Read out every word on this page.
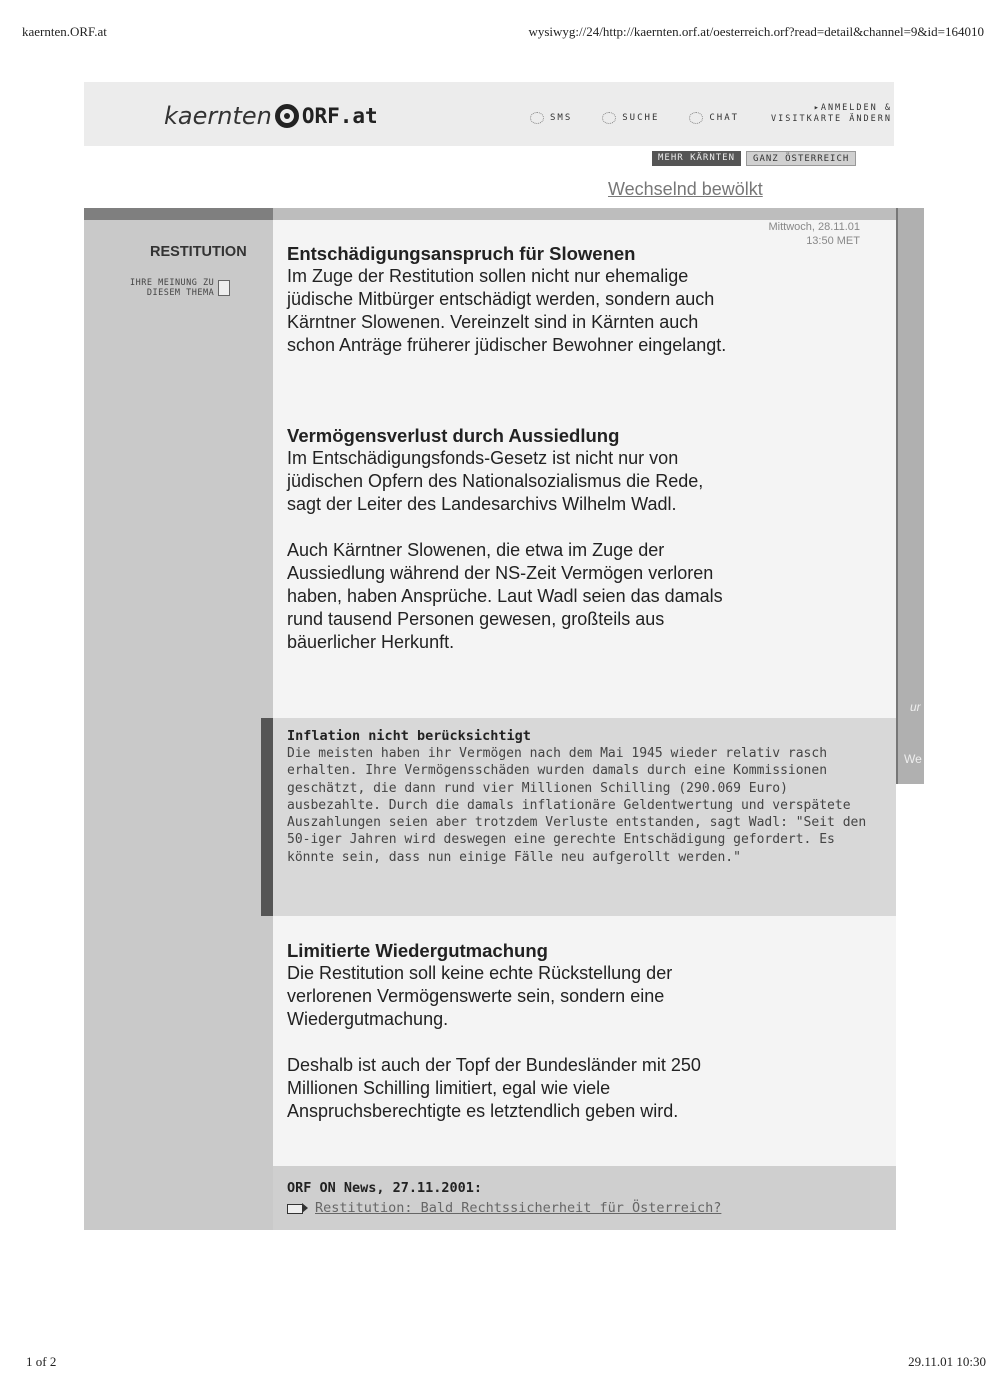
kaernten.ORF.at	wysiwyg://24/http://kaernten.orf.at/oesterreich.orf?read=detail&channel=9&id=164010
kaernten ORF.at	SMS	SUCHE	CHAT
▸ANMELDEN &
VISITKARTE ÄNDERN
MEHR KÄRNTEN	GANZ ÖSTERREICH
Wechselnd bewölkt
RESTITUTION
IHRE MEINUNG ZU
DIESEM THEMA
ur
We
Mittwoch, 28.11.01
13:50 MET
Entschädigungsanspruch für Slowenen
Im Zuge der Restitution sollen nicht nur ehemalige jüdische Mitbürger entschädigt werden, sondern auch Kärntner Slowenen. Vereinzelt sind in Kärnten auch schon Anträge früherer jüdischer Bewohner eingelangt.
Vermögensverlust durch Aussiedlung
Im Entschädigungsfonds-Gesetz ist nicht nur von jüdischen Opfern des Nationalsozialismus die Rede, sagt der Leiter des Landesarchivs Wilhelm Wadl.
Auch Kärntner Slowenen, die etwa im Zuge der Aussiedlung während der NS-Zeit Vermögen verloren haben, haben Ansprüche. Laut Wadl seien das damals rund tausend Personen gewesen, großteils aus bäuerlicher Herkunft.
Inflation nicht berücksichtigt
Die meisten haben ihr Vermögen nach dem Mai 1945 wieder relativ rasch erhalten. Ihre Vermögensschäden wurden damals durch eine Kommissionen geschätzt, die dann rund vier Millionen Schilling (290.069 Euro) ausbezahlte. Durch die damals inflationäre Geldentwertung und verspätete Auszahlungen seien aber trotzdem Verluste entstanden, sagt Wadl: "Seit den 50-iger Jahren wird deswegen eine gerechte Entschädigung gefordert. Es könnte sein, dass nun einige Fälle neu aufgerollt werden."
Limitierte Wiedergutmachung
Die Restitution soll keine echte Rückstellung der verlorenen Vermögenswerte sein, sondern eine Wiedergutmachung.
Deshalb ist auch der Topf der Bundesländer mit 250 Millionen Schilling limitiert, egal wie viele Anspruchsberechtigte es letztendlich geben wird.
ORF ON News, 27.11.2001:
Restitution: Bald Rechtssicherheit für Österreich?
1 of 2	29.11.01 10:30
